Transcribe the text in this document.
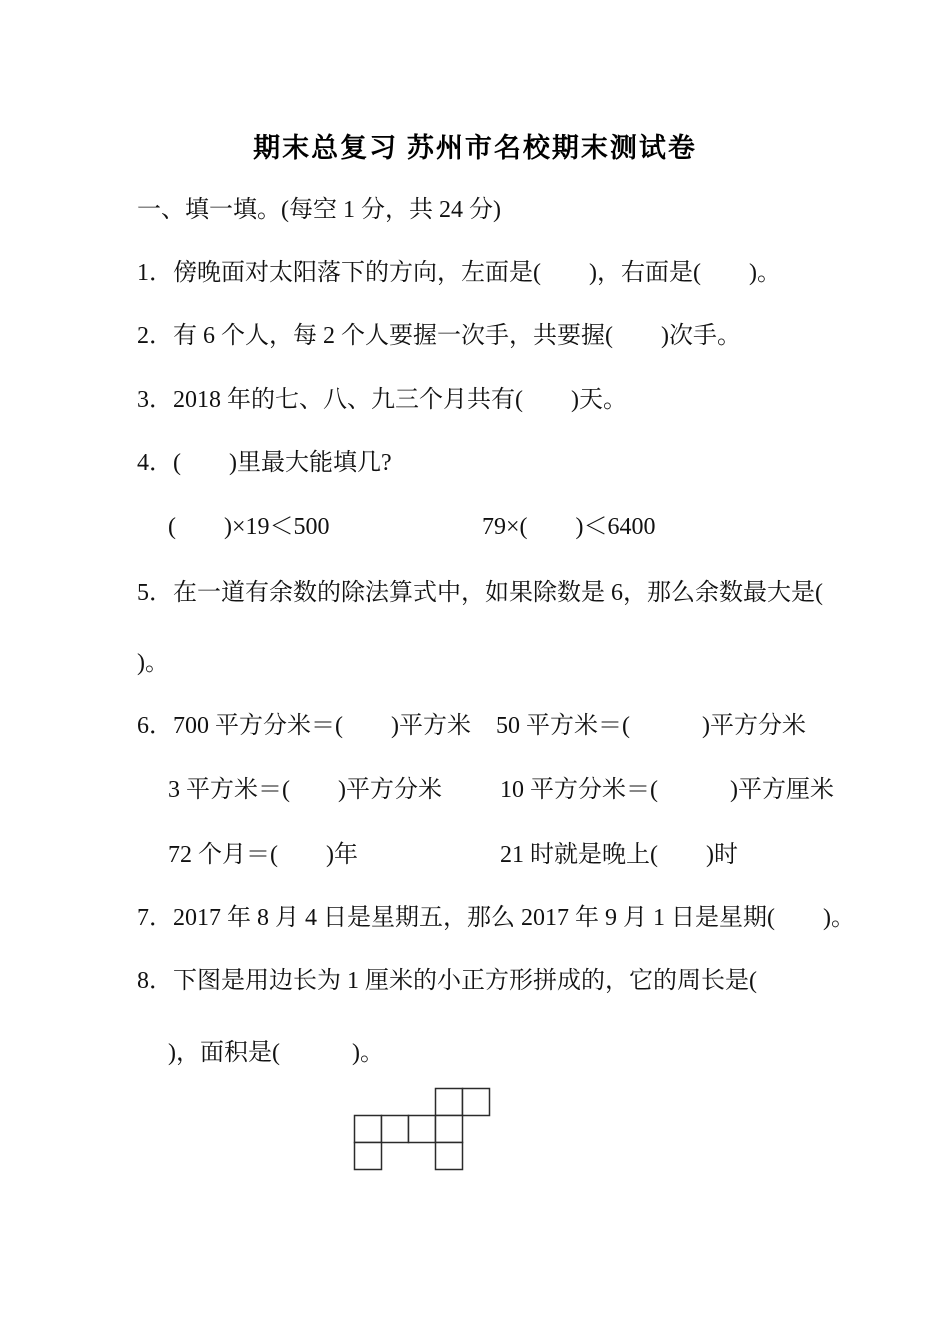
期末总复习 苏州市名校期末测试卷
一、填一填。(每空 1 分，共 24 分)
1．傍晚面对太阳落下的方向，左面是(　　)，右面是(　　)。
2．有 6 个人，每 2 个人要握一次手，共要握(　　)次手。
3．2018 年的七、八、九三个月共有(　　)天。
4．(　　)里最大能填几?
(　　)×19＜500	79×(　　)＜6400
5．在一道有余数的除法算式中，如果除数是 6，那么余数最大是(
)。
6．700 平方分米＝(　　)平方米 50 平方米＝(　　　)平方分米
3 平方米＝(　　)平方分米 10 平方分米＝(　　　)平方厘米
72 个月＝(　　)年	21 时就是晚上(　　)时
7．2017 年 8 月 4 日是星期五，那么 2017 年 9 月 1 日是星期(　　)。
8．下图是用边长为 1 厘米的小正方形拼成的，它的周长是(
)，面积是(　　　)。
